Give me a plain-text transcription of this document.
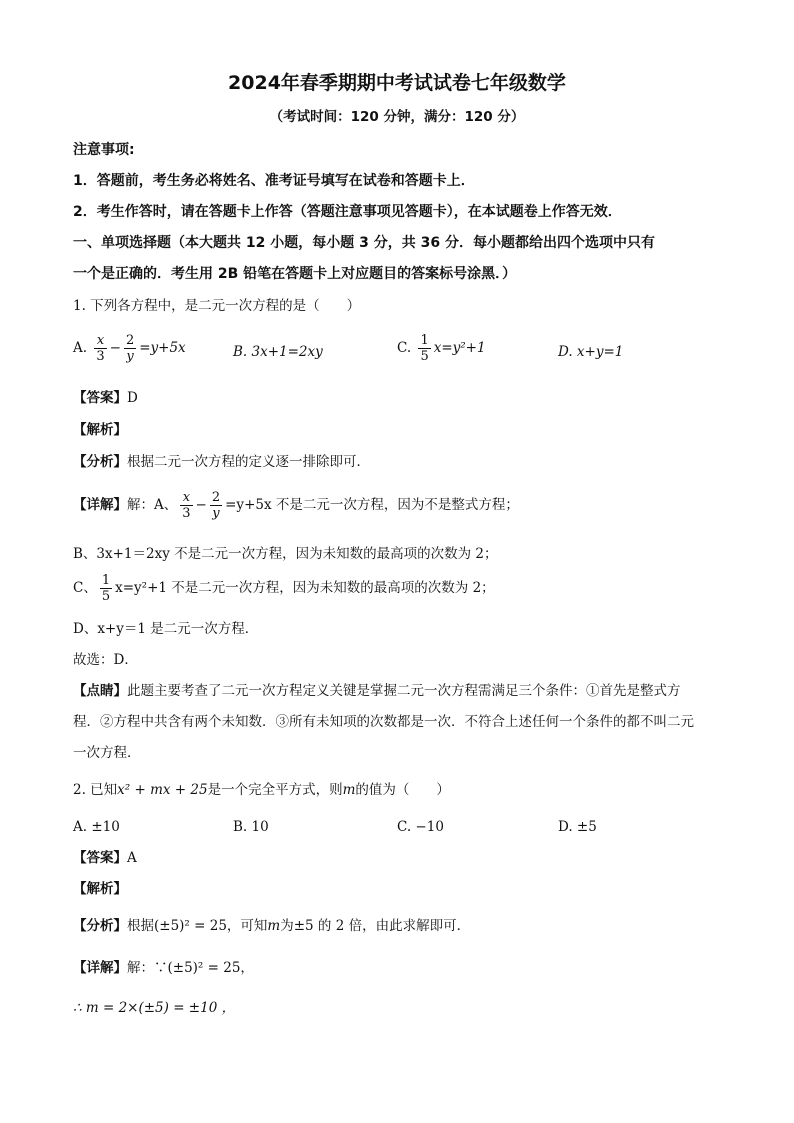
2024年春季期期中考试试卷七年级数学
（考试时间：120 分钟，满分：120 分）
注意事项:
1．答题前，考生务必将姓名、准考证号填写在试卷和答题卡上．
2．考生作答时，请在答题卡上作答（答题注意事项见答题卡），在本试题卷上作答无效．
一、单项选择题（本大题共 12 小题，每小题 3 分，共 36 分．每小题都给出四个选项中只有
一个是正确的．考生用 2B 铅笔在答题卡上对应题目的答案标号涂黑．）
1. 下列各方程中，是二元一次方程的是（　　）
A. $\frac{x}{3} - \frac{2}{y} =y+5x$	B. 3x+1=2xy	C. $\frac{1}{5} x=y^2+1$	D. x+y=1
【答案】D
【解析】
【分析】根据二元一次方程的定义逐一排除即可．
【详解】解：A、 $\frac{x}{3} - \frac{2}{y} =y+5x$ 不是二元一次方程，因为不是整式方程；
B、3x+1＝2xy 不是二元一次方程，因为未知数的最高项的次数为 2；
C、 $\frac{1}{5} x=y^2+1$ 不是二元一次方程，因为未知数的最高项的次数为 2；
D、x+y＝1 是二元一次方程．
故选：D．
【点睛】此题主要考查了二元一次方程定义关键是掌握二元一次方程需满足三个条件：①首先是整式方
程．②方程中共含有两个未知数．③所有未知项的次数都是一次．不符合上述任何一个条件的都不叫二元
一次方程．
2. 已知x² + mx + 25是一个完全平方式，则m的值为（　　）
A. ±10	B. 10	C. −10	D. ±5
【答案】A
【解析】
【分析】根据(±5)² = 25，可知m为±5 的 2 倍，由此求解即可．
【详解】解：∵(±5)² = 25，
∴ m = 2×(±5) = ±10 ，
